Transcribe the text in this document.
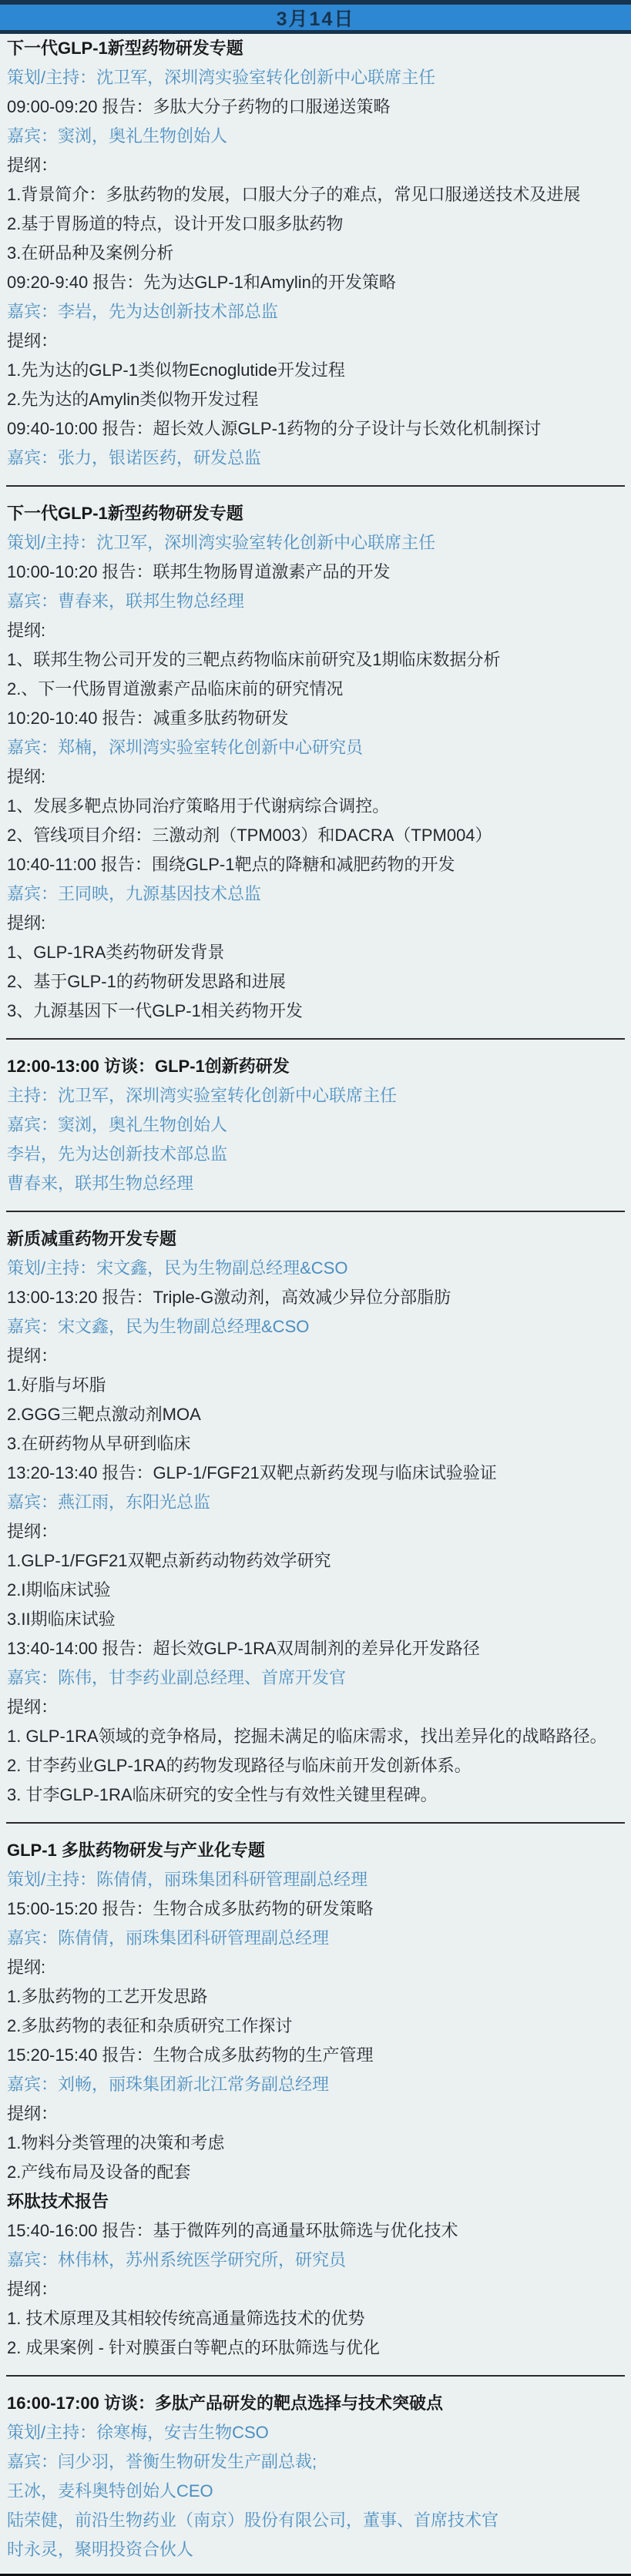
3月14日
下一代GLP-1新型药物研发专题
策划/主持：沈卫军，深圳湾实验室转化创新中心联席主任
09:00-09:20 报告：多肽大分子药物的口服递送策略
嘉宾：窦浏，奥礼生物创始人
提纲：
1.背景简介：多肽药物的发展，口服大分子的难点，常见口服递送技术及进展
2.基于胃肠道的特点，设计开发口服多肽药物
3.在研品种及案例分析
09:20-9:40 报告：先为达GLP-1和Amylin的开发策略
嘉宾：李岩，先为达创新技术部总监
提纲：
1.先为达的GLP-1类似物Ecnoglutide开发过程
2.先为达的Amylin类似物开发过程
09:40-10:00 报告：超长效人源GLP-1药物的分子设计与长效化机制探讨
嘉宾：张力，银诺医药，研发总监
下一代GLP-1新型药物研发专题
策划/主持：沈卫军，深圳湾实验室转化创新中心联席主任
10:00-10:20 报告：联邦生物肠胃道激素产品的开发
嘉宾：曹春来，联邦生物总经理
提纲:
1、联邦生物公司开发的三靶点药物临床前研究及1期临床数据分析
2.、下一代肠胃道激素产品临床前的研究情况
10:20-10:40 报告：减重多肽药物研发
嘉宾：郑楠，深圳湾实验室转化创新中心研究员
提纲:
1、发展多靶点协同治疗策略用于代谢病综合调控。
2、管线项目介绍：三激动剂（TPM003）和DACRA（TPM004）
10:40-11:00 报告：围绕GLP-1靶点的降糖和减肥药物的开发
嘉宾：王同映，九源基因技术总监
提纲:
1、GLP-1RA类药物研发背景
2、基于GLP-1的药物研发思路和进展
3、九源基因下一代GLP-1相关药物开发
12:00-13:00 访谈：GLP-1创新药研发
主持：沈卫军，深圳湾实验室转化创新中心联席主任
嘉宾：窦浏，奥礼生物创始人
李岩，先为达创新技术部总监
曹春来，联邦生物总经理
新质减重药物开发专题
策划/主持：宋文鑫，民为生物副总经理&CSO
13:00-13:20 报告：Triple-G激动剂，高效减少异位分部脂肪
嘉宾：宋文鑫，民为生物副总经理&CSO
提纲：
1.好脂与坏脂
2.GGG三靶点激动剂MOA
3.在研药物从早研到临床
13:20-13:40 报告：GLP-1/FGF21双靶点新药发现与临床试验验证
嘉宾：燕江雨，东阳光总监
提纲：
1.GLP-1/FGF21双靶点新药动物药效学研究
2.I期临床试验
3.II期临床试验
13:40-14:00 报告：超长效GLP-1RA双周制剂的差异化开发路径
嘉宾：陈伟，甘李药业副总经理、首席开发官
提纲：
1. GLP-1RA领域的竞争格局，挖掘未满足的临床需求，找出差异化的战略路径。
2. 甘李药业GLP-1RA的药物发现路径与临床前开发创新体系。
3. 甘李GLP-1RA临床研究的安全性与有效性关键里程碑。
GLP-1 多肽药物研发与产业化专题
策划/主持：陈倩倩，丽珠集团科研管理副总经理
15:00-15:20 报告：生物合成多肽药物的研发策略
嘉宾：陈倩倩，丽珠集团科研管理副总经理
提纲:
1.多肽药物的工艺开发思路
2.多肽药物的表征和杂质研究工作探讨
15:20-15:40 报告：生物合成多肽药物的生产管理
嘉宾：刘畅，丽珠集团新北江常务副总经理
提纲：
1.物料分类管理的决策和考虑
2.产线布局及设备的配套
环肽技术报告
15:40-16:00 报告：基于微阵列的高通量环肽筛选与优化技术
嘉宾：林伟林，苏州系统医学研究所，研究员
提纲：
1. 技术原理及其相较传统高通量筛选技术的优势
2. 成果案例 - 针对膜蛋白等靶点的环肽筛选与优化
16:00-17:00 访谈：多肽产品研发的靶点选择与技术突破点
策划/主持：徐寒梅，安吉生物CSO
嘉宾：闫少羽，誉衡生物研发生产副总裁;
王冰，麦科奥特创始人CEO
陆荣健，前沿生物药业（南京）股份有限公司，董事、首席技术官
时永灵，聚明投资合伙人
